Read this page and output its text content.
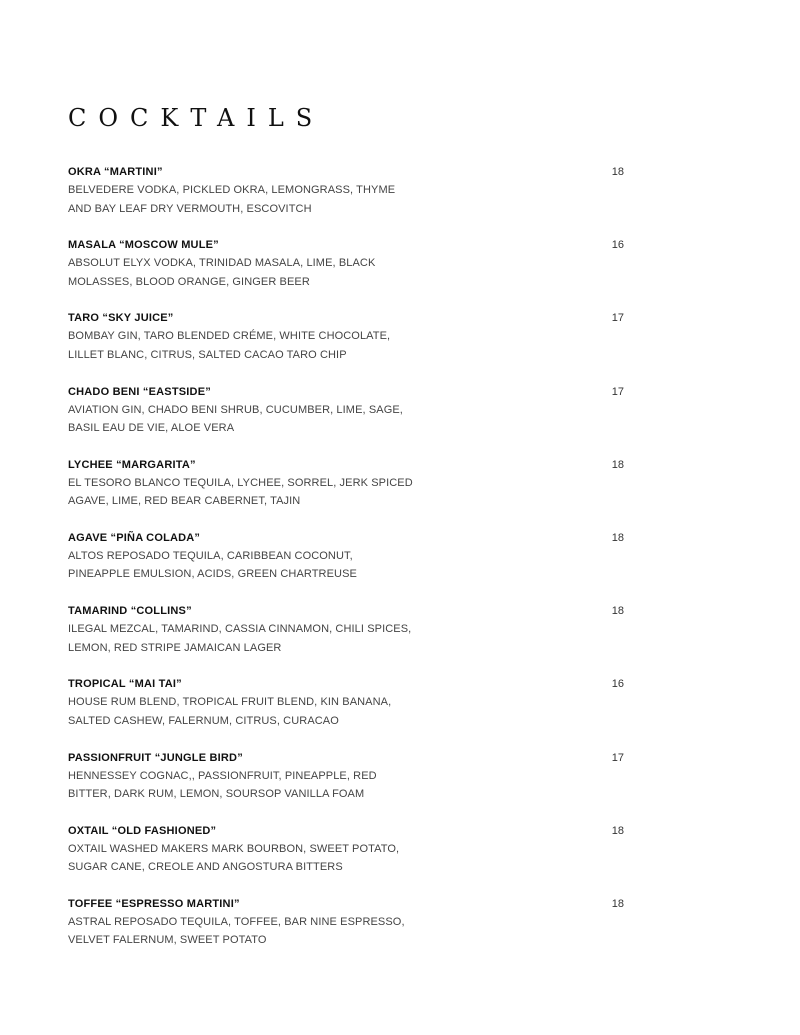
COCKTAILS
OKRA “MARTINI”	18
BELVEDERE VODKA, PICKLED OKRA, LEMONGRASS, THYME
AND BAY LEAF DRY VERMOUTH, ESCOVITCH
MASALA “MOSCOW MULE”	16
ABSOLUT ELYX VODKA, TRINIDAD MASALA, LIME, BLACK
MOLASSES, BLOOD ORANGE, GINGER BEER
TARO “SKY JUICE”	17
BOMBAY GIN, TARO BLENDED CRÉME, WHITE CHOCOLATE,
LILLET BLANC, CITRUS, SALTED CACAO TARO CHIP
CHADO BENI “EASTSIDE”	17
AVIATION GIN, CHADO BENI SHRUB, CUCUMBER, LIME, SAGE,
BASIL EAU DE VIE, ALOE VERA
LYCHEE “MARGARITA”	18
EL TESORO BLANCO TEQUILA, LYCHEE, SORREL, JERK SPICED
AGAVE, LIME, RED BEAR CABERNET, TAJIN
AGAVE “PIÑA COLADA”	18
ALTOS REPOSADO TEQUILA, CARIBBEAN COCONUT,
PINEAPPLE EMULSION, ACIDS, GREEN CHARTREUSE
TAMARIND “COLLINS”	18
ILEGAL MEZCAL, TAMARIND, CASSIA CINNAMON, CHILI SPICES,
LEMON, RED STRIPE JAMAICAN LAGER
TROPICAL “MAI TAI”	16
HOUSE RUM BLEND, TROPICAL FRUIT BLEND, KIN BANANA,
SALTED CASHEW, FALERNUM, CITRUS, CURACAO
PASSIONFRUIT “JUNGLE BIRD”	17
HENNESSEY COGNAC,, PASSIONFRUIT, PINEAPPLE, RED
BITTER, DARK RUM, LEMON, SOURSOP VANILLA FOAM
OXTAIL “OLD FASHIONED”	18
OXTAIL WASHED MAKERS MARK BOURBON, SWEET POTATO,
SUGAR CANE, CREOLE AND ANGOSTURA BITTERS
TOFFEE “ESPRESSO MARTINI”	18
ASTRAL REPOSADO TEQUILA, TOFFEE, BAR NINE ESPRESSO,
VELVET FALERNUM, SWEET POTATO
